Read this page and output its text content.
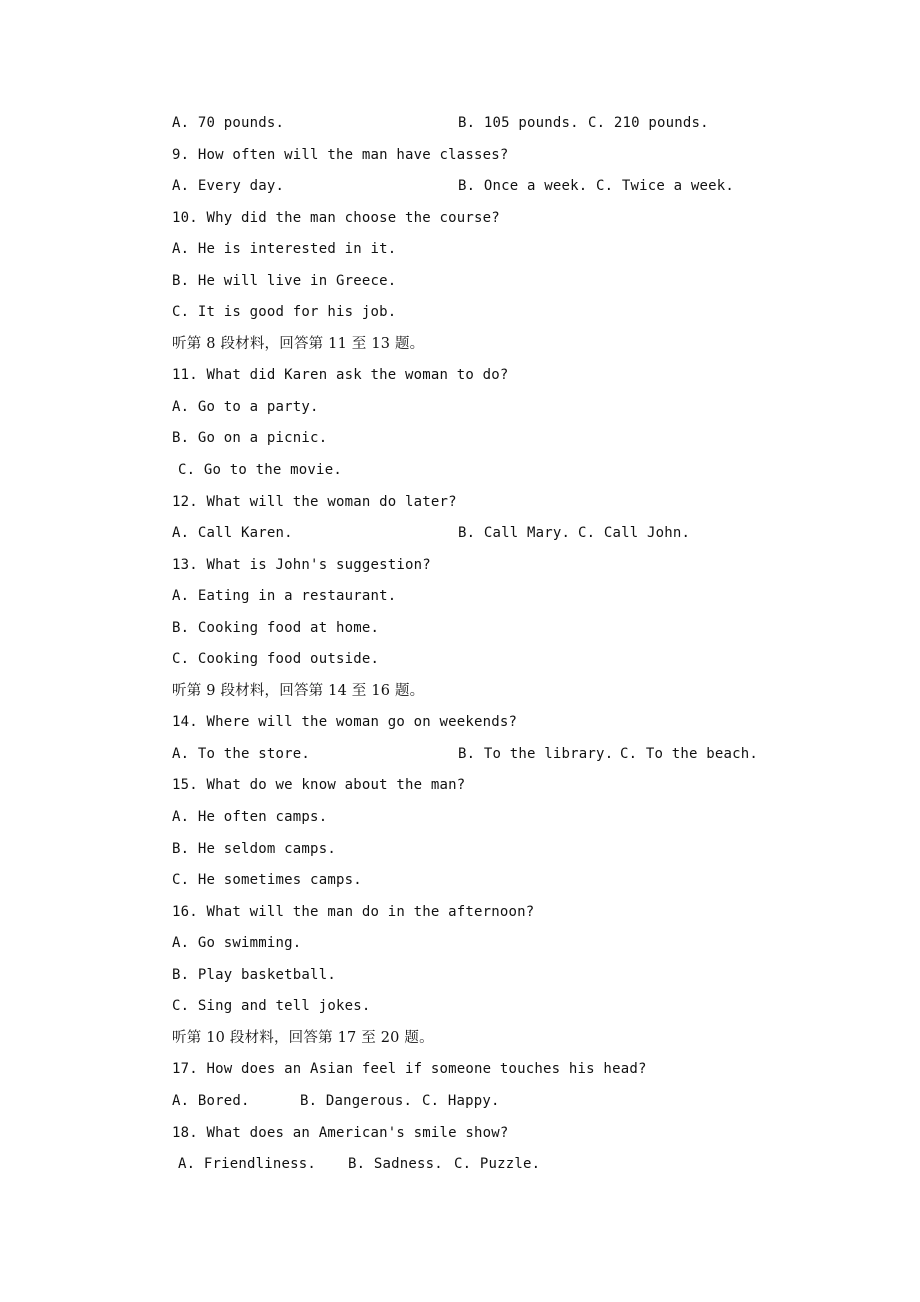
A. 70 pounds.

	B. 105 pounds.

C. 210 pounds.

9. How often will the man have classes?

A. Every day.

	B. Once a week.

C. Twice a week.

10. Why did the man choose the course?
A. He is interested in it.
B. He will live in Greece.
C. It is good for his job.
听第 8 段材料，回答第 11 至 13 题。
11. What did Karen ask the woman to do?
A. Go to a party.
B. Go on a picnic.
C. Go to the movie.
12. What will the woman do later?

A. Call Karen.

	B. Call Mary.

C. Call John.

13. What is John's suggestion?
A. Eating in a restaurant.
B. Cooking food at home.
C. Cooking food outside.
听第 9 段材料，回答第 14 至 16 题。
14. Where will the woman go on weekends?

A. To the store.

	B. To the library.

C. To the beach.

15. What do we know about the man?
A. He often camps.
B. He seldom camps.
C. He sometimes camps.
16. What will the man do in the afternoon?
A. Go swimming.
B. Play basketball.
C. Sing and tell jokes.
听第 10 段材料，回答第 17 至 20 题。
17. How does an Asian feel if someone touches his head?

A. Bored.

	B. Dangerous.

C. Happy.

18. What does an American's smile show?

A. Friendliness.

B. Sadness.

C. Puzzle.
